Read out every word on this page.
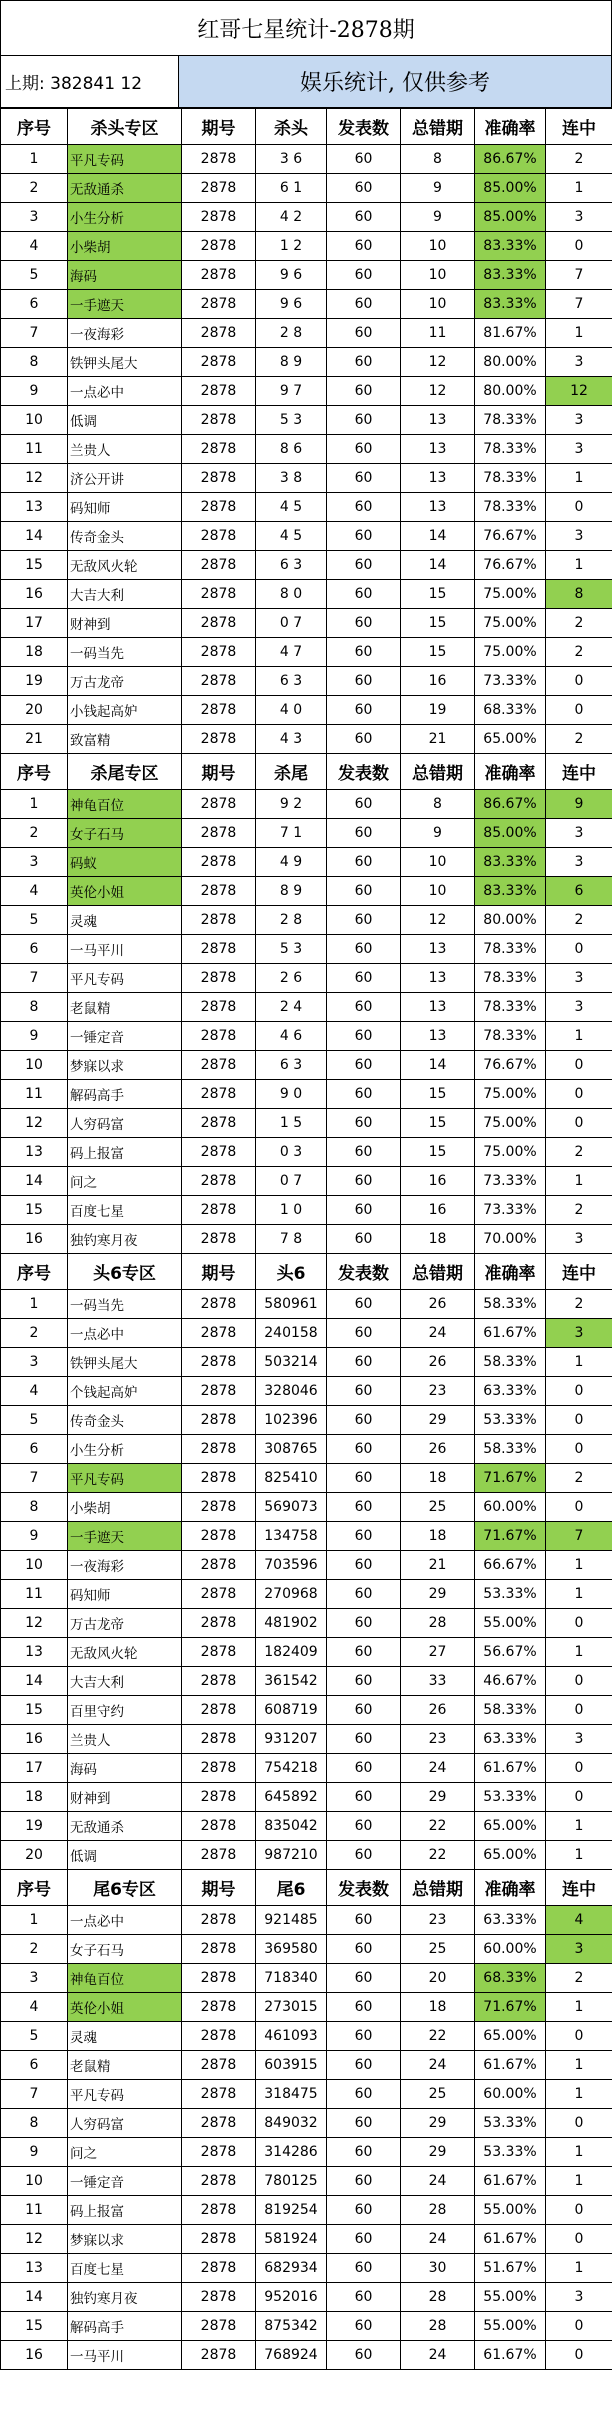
红哥七星统计-2878期
上期: 382841 12	娱乐统计, 仅供参考
序号	杀头专区	期号	杀头	发表数	总错期	准确率	连中
1	平凡专码	2878	3 6	60	8	86.67%	2
2	无敌通杀	2878	6 1	60	9	85.00%	1
3	小生分析	2878	4 2	60	9	85.00%	3
4	小柴胡	2878	1 2	60	10	83.33%	0
5	海码	2878	9 6	60	10	83.33%	7
6	一手遮天	2878	9 6	60	10	83.33%	7
7	一夜海彩	2878	2 8	60	11	81.67%	1
8	铁钾头尾大	2878	8 9	60	12	80.00%	3
9	一点必中	2878	9 7	60	12	80.00%	12
10	低调	2878	5 3	60	13	78.33%	3
11	兰贵人	2878	8 6	60	13	78.33%	3
12	济公开讲	2878	3 8	60	13	78.33%	1
13	码知师	2878	4 5	60	13	78.33%	0
14	传奇金头	2878	4 5	60	14	76.67%	3
15	无敌风火轮	2878	6 3	60	14	76.67%	1
16	大吉大利	2878	8 0	60	15	75.00%	8
17	财神到	2878	0 7	60	15	75.00%	2
18	一码当先	2878	4 7	60	15	75.00%	2
19	万古龙帝	2878	6 3	60	16	73.33%	0
20	小钱起高妒	2878	4 0	60	19	68.33%	0
21	致富精	2878	4 3	60	21	65.00%	2
序号	杀尾专区	期号	杀尾	发表数	总错期	准确率	连中
1	神龟百位	2878	9 2	60	8	86.67%	9
2	女子石马	2878	7 1	60	9	85.00%	3
3	码蚁	2878	4 9	60	10	83.33%	3
4	英伦小姐	2878	8 9	60	10	83.33%	6
5	灵魂	2878	2 8	60	12	80.00%	2
6	一马平川	2878	5 3	60	13	78.33%	0
7	平凡专码	2878	2 6	60	13	78.33%	3
8	老鼠精	2878	2 4	60	13	78.33%	3
9	一锤定音	2878	4 6	60	13	78.33%	1
10	梦寐以求	2878	6 3	60	14	76.67%	0
11	解码高手	2878	9 0	60	15	75.00%	0
12	人穷码富	2878	1 5	60	15	75.00%	0
13	码上报富	2878	0 3	60	15	75.00%	2
14	问之	2878	0 7	60	16	73.33%	1
15	百度七星	2878	1 0	60	16	73.33%	2
16	独钓寒月夜	2878	7 8	60	18	70.00%	3
序号	头6专区	期号	头6	发表数	总错期	准确率	连中
1	一码当先	2878	580961	60	26	58.33%	2
2	一点必中	2878	240158	60	24	61.67%	3
3	铁钾头尾大	2878	503214	60	26	58.33%	1
4	个钱起高妒	2878	328046	60	23	63.33%	0
5	传奇金头	2878	102396	60	29	53.33%	0
6	小生分析	2878	308765	60	26	58.33%	0
7	平凡专码	2878	825410	60	18	71.67%	2
8	小柴胡	2878	569073	60	25	60.00%	0
9	一手遮天	2878	134758	60	18	71.67%	7
10	一夜海彩	2878	703596	60	21	66.67%	1
11	码知师	2878	270968	60	29	53.33%	1
12	万古龙帝	2878	481902	60	28	55.00%	0
13	无敌风火轮	2878	182409	60	27	56.67%	1
14	大吉大利	2878	361542	60	33	46.67%	0
15	百里守约	2878	608719	60	26	58.33%	0
16	兰贵人	2878	931207	60	23	63.33%	3
17	海码	2878	754218	60	24	61.67%	0
18	财神到	2878	645892	60	29	53.33%	0
19	无敌通杀	2878	835042	60	22	65.00%	1
20	低调	2878	987210	60	22	65.00%	1
序号	尾6专区	期号	尾6	发表数	总错期	准确率	连中
1	一点必中	2878	921485	60	23	63.33%	4
2	女子石马	2878	369580	60	25	60.00%	3
3	神龟百位	2878	718340	60	20	68.33%	2
4	英伦小姐	2878	273015	60	18	71.67%	1
5	灵魂	2878	461093	60	22	65.00%	0
6	老鼠精	2878	603915	60	24	61.67%	1
7	平凡专码	2878	318475	60	25	60.00%	1
8	人穷码富	2878	849032	60	29	53.33%	0
9	问之	2878	314286	60	29	53.33%	1
10	一锤定音	2878	780125	60	24	61.67%	1
11	码上报富	2878	819254	60	28	55.00%	0
12	梦寐以求	2878	581924	60	24	61.67%	0
13	百度七星	2878	682934	60	30	51.67%	1
14	独钓寒月夜	2878	952016	60	28	55.00%	3
15	解码高手	2878	875342	60	28	55.00%	0
16	一马平川	2878	768924	60	24	61.67%	0
